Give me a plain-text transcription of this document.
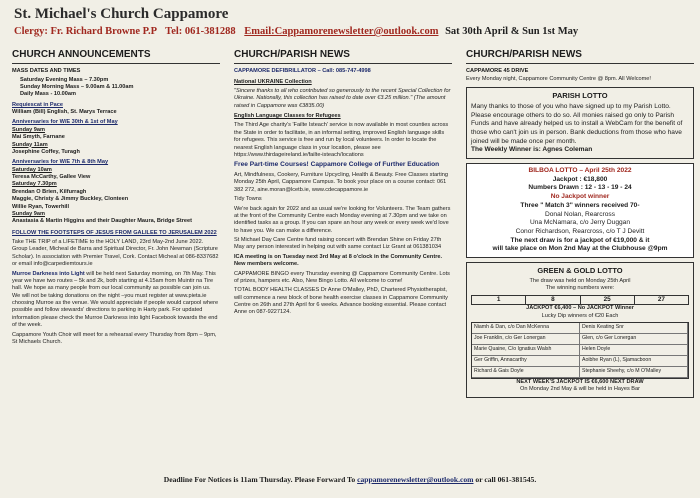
St. Michael's Church Cappamore
Clergy: Fr. Richard Browne P.P Tel: 061-381288 Email:Cappamorenewsletter@outlook.com Sat 30th April & Sun 1st May
CHURCH ANNOUNCEMENTS
MASS DATES AND TIMES
• Saturday Evening Mass – 7.30pm
• Sunday Morning Mass – 9.00am & 11.00am
• Daily Mass - 10.00am
Requiescat in Pace
William (Bill) English, St. Marys Terrace
Anniversaries for W/E 30th & 1st of May
Sunday 9am
Mai Smyth, Farnane
Sunday 11am
Josephine Coffey, Turagh
Anniversaries for W/E 7th & 8th May
Saturday 10am
Teresa McCarthy, Gallee View
Saturday 7.30pm
Brendan O Brien, Kilfurragh
Maggie, Christy & Jimmy Buckley, Clonteen
Willie Ryan, Towerhill
Sunday 9am
Anastasia & Martin Higgins and their Daughter Maura, Bridge Street
FOLLOW THE FOOTSTEPS OF JESUS FROM GALILEE TO JERUSALEM 2022

Take THE TRIP of a LIFETIME to the HOLY LAND, 23rd May-2nd June 2022. Group Leader, Micheal de Barra and Spiritual Director, Fr. John Newman (Scripture Scholar). In association with Premier Travel, Cork. Contact Micheal at 086-8337682 or email info@carpediemtours.ie

Murroe Darkness into Light will be held next Saturday morning, on 7th May. This year we have two routes – 5k and 2k, both starting at 4.15am from Muintir na Tire hall. We hope as many people from our local community as possible can join us. We will not be taking donations on the night –you must register at www.pieta.ie choosing Murroe as the venue. We would appreciate if people would carpool where possible and follow stewards' directions to parking in Harty park. For updated information please check the Murroe Darkness into light Facebook towards the end of the week.

Cappamore Youth Choir will meet for a rehearsal every Thursday from 8pm – 9pm, St Michaels Church.

CHURCH/PARISH NEWS
CAPPAMORE DEFIBRILLATOR – Call: 085-747-4998
National UKRAINE Collection

"Sincere thanks to all who contributed so generously to the recent Special Collection for Ukraine. Nationally, this collection has raised to date over €3.25 million." (The amount raised in Cappamore was €3835.00)

English Language Classes for Refugees

The Third Age charity's 'Failte Isteach' service is now available in most counties across the State in order to facilitate, in an informal setting, improved English language skills for refugees. This service is free and run by local volunteers. In order to locate the nearest English language class in your location, please see https://www.thirdageireland.ie/failte-isteach/locations

Free Part-time Courses! Cappamore College of Further Education

Art, Mindfulness, Cookery, Furniture Upcycling, Health & Beauty. Free Classes starting Monday 25th April, Cappamore Campus. To book your place on a course contact: 061 382 272, aine.moran@lcetb.ie, www.cdecappamore.ie

Tidy Towns

We're back again for 2022 and as usual we're looking for Volunteers. The Team gathers at the front of the Community Centre each Monday evening at 7.30pm and we take on identified tasks as a group. If you can spare an hour any week or every week we'd love to have you. We can make a difference.

St Michael Day Care Centre fund raising concert with Brendan Shine on Friday 27th May any person interested in helping out with same contact Liz Grant at 061381034

ICA meeting is on Tuesday next 3rd May at 8 o'clock in the Community Centre. New members welcome.

CAPPAMORE BINGO every Thursday evening @ Cappamore Community Centre. Lots of prizes, hampers etc. Also, New Bingo Lotto. All welcome to come!

TOTAL BODY HEALTH CLASSES Dr Anne O'Malley, PhD, Chartered Physiotherapist, will commence a new block of bone health exercise classes in Cappamore Community Centre on 26th and 27th April for 6 weeks. Advance booking essential. Please contact Anne on 087-9227124.

CHURCH/PARISH NEWS
CAPPAMORE 45 DRIVE
Every Monday night, Cappamore Community Centre @ 8pm. All Welcome!
PARISH LOTTO
Many thanks to those of you who have signed up to my Parish Lotto. Please encourage others to do so. All monies raised go only to Parish Funds and have already helped us to install a WebCam for the benefit of those who can't join us in person. Bank deductions from those who have joined will be made once per month.
The Weekly Winner is: Agnes Coleman
BILBOA LOTTO – April 25th 2022
Jackpot : €18,800
Numbers Drawn : 12 - 13 - 19 - 24
No Jackpot winner
Three " Match 3" winners received 70-
Donal Nolan, Rearcross
Una McNamara, c/o Jerry Duggan
Conor Richardson, Rearcross, c/o T J Devitt
The next draw is for a jackpot of €19,000 & it
will take place on Mon 2nd May at the Clubhouse @9pm
GREEN & GOLD LOTTO
The draw was held on Monday 25th April
The winning numbers were:
1	8	25	27
JACKPOT €6,400 – No JACKPOT Winner
Lucky Dip winners of €20 Each
Niamh & Dan, c/o Dan McKenna	Denis Keating Snr
Joe Franklin, c/o Ger Lonergan	Glen, c/o Ger Lonergan
Marie Quaine, C/o Ignatius Walsh	Helen Doyle
Ger Griffin, Annacarthy	Aoibhe Ryan (L), Sjamacboon
Richard & Gais Doyle	Stephanie Sheehy, c/o M O'Malley
NEXT WEEK'S JACKPOT IS €6,600 NEXT DRAW
On Monday 2nd May & will be held in Hayes Bar
Deadline For Notices is 11am Thursday. Please Forward To cappamorenewsletter@outlook.com or call 061-381545.
